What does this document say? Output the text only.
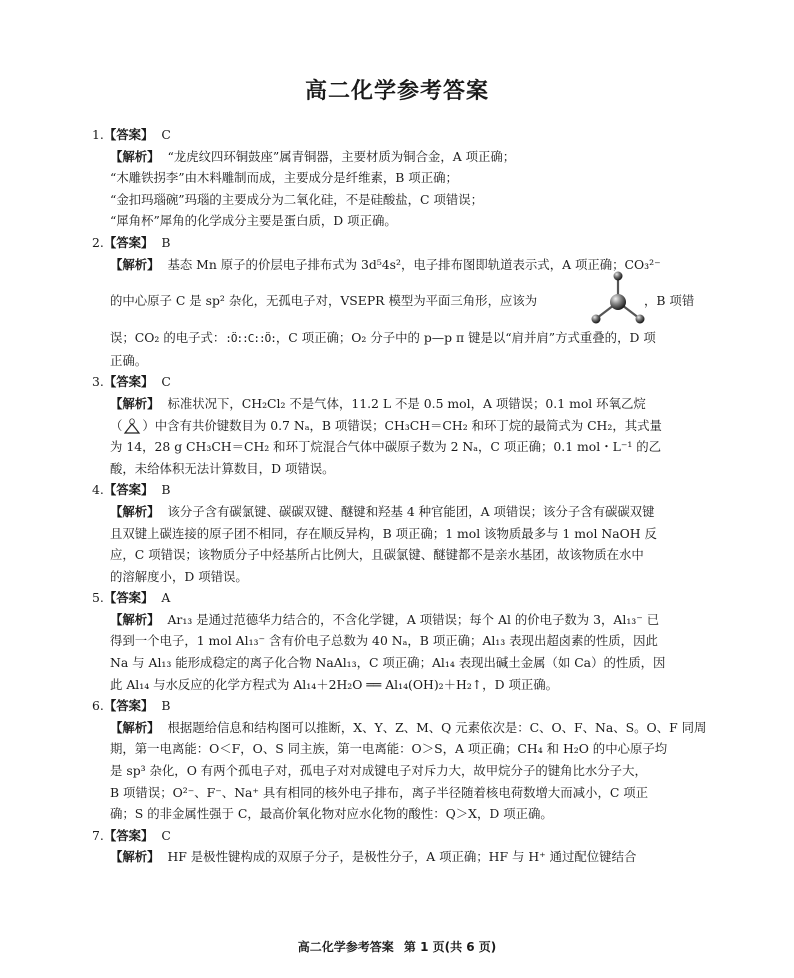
高二化学参考答案
1.【答案】 C
【解析】 “龙虎纹四环铜鼓座”属青铜器，主要材质为铜合金，A 项正确；
“木雕铁拐李”由木料雕制而成，主要成分是纤维素，B 项正确；
“金扣玛瑙碗”玛瑙的主要成分为二氧化硅，不是硅酸盐，C 项错误；
“犀角杯”犀角的化学成分主要是蛋白质，D 项正确。
2.【答案】 B
【解析】 基态 Mn 原子的价层电子排布式为 3d⁵4s²，电子排布图即轨道表示式，A 项正确；CO₃²⁻
的中心原子 C 是 sp² 杂化，无孤电子对，VSEPR 模型为平面三角形，应该为	，B 项错
误；CO₂ 的电子式：:Ö::C::Ö:，C 项正确；O₂ 分子中的 p—p π 键是以“肩并肩”方式重叠的，D 项
正确。
3.【答案】 C
【解析】 标准状况下，CH₂Cl₂ 不是气体，11.2 L 不是 0.5 mol，A 项错误；0.1 mol 环氧乙烷
（ O ）中含有共价键数目为 0.7 Nₐ，B 项错误；CH₃CH＝CH₂ 和环丁烷的最简式为 CH₂，其式量
为 14，28 g CH₃CH＝CH₂ 和环丁烷混合气体中碳原子数为 2 Nₐ，C 项正确；0.1 mol・L⁻¹ 的乙
酸，未给体积无法计算数目，D 项错误。
4.【答案】 B
【解析】 该分子含有碳氯键、碳碳双键、醚键和羟基 4 种官能团，A 项错误；该分子含有碳碳双键
且双键上碳连接的原子团不相同，存在顺反异构，B 项正确；1 mol 该物质最多与 1 mol NaOH 反
应，C 项错误；该物质分子中烃基所占比例大，且碳氯键、醚键都不是亲水基团，故该物质在水中
的溶解度小，D 项错误。
5.【答案】 A
【解析】 Ar₁₃ 是通过范德华力结合的，不含化学键，A 项错误；每个 Al 的价电子数为 3，Al₁₃⁻ 已
得到一个电子，1 mol Al₁₃⁻ 含有价电子总数为 40 Nₐ，B 项正确；Al₁₃ 表现出超卤素的性质，因此
Na 与 Al₁₃ 能形成稳定的离子化合物 NaAl₁₃，C 项正确；Al₁₄ 表现出碱土金属（如 Ca）的性质，因
此 Al₁₄ 与水反应的化学方程式为 Al₁₄＋2H₂O ══ Al₁₄(OH)₂＋H₂↑，D 项正确。
6.【答案】 B
【解析】 根据题给信息和结构图可以推断，X、Y、Z、M、Q 元素依次是：C、O、F、Na、S。O、F 同周
期，第一电离能：O＜F，O、S 同主族，第一电离能：O＞S，A 项正确；CH₄ 和 H₂O 的中心原子均
是 sp³ 杂化，O 有两个孤电子对，孤电子对对成键电子对斥力大，故甲烷分子的键角比水分子大，
B 项错误；O²⁻、F⁻、Na⁺ 具有相同的核外电子排布，离子半径随着核电荷数增大而减小，C 项正
确；S 的非金属性强于 C，最高价氧化物对应水化物的酸性：Q＞X，D 项正确。
7.【答案】 C
【解析】 HF 是极性键构成的双原子分子，是极性分子，A 项正确；HF 与 H⁺ 通过配位键结合
高二化学参考答案 第 1 页(共 6 页)
